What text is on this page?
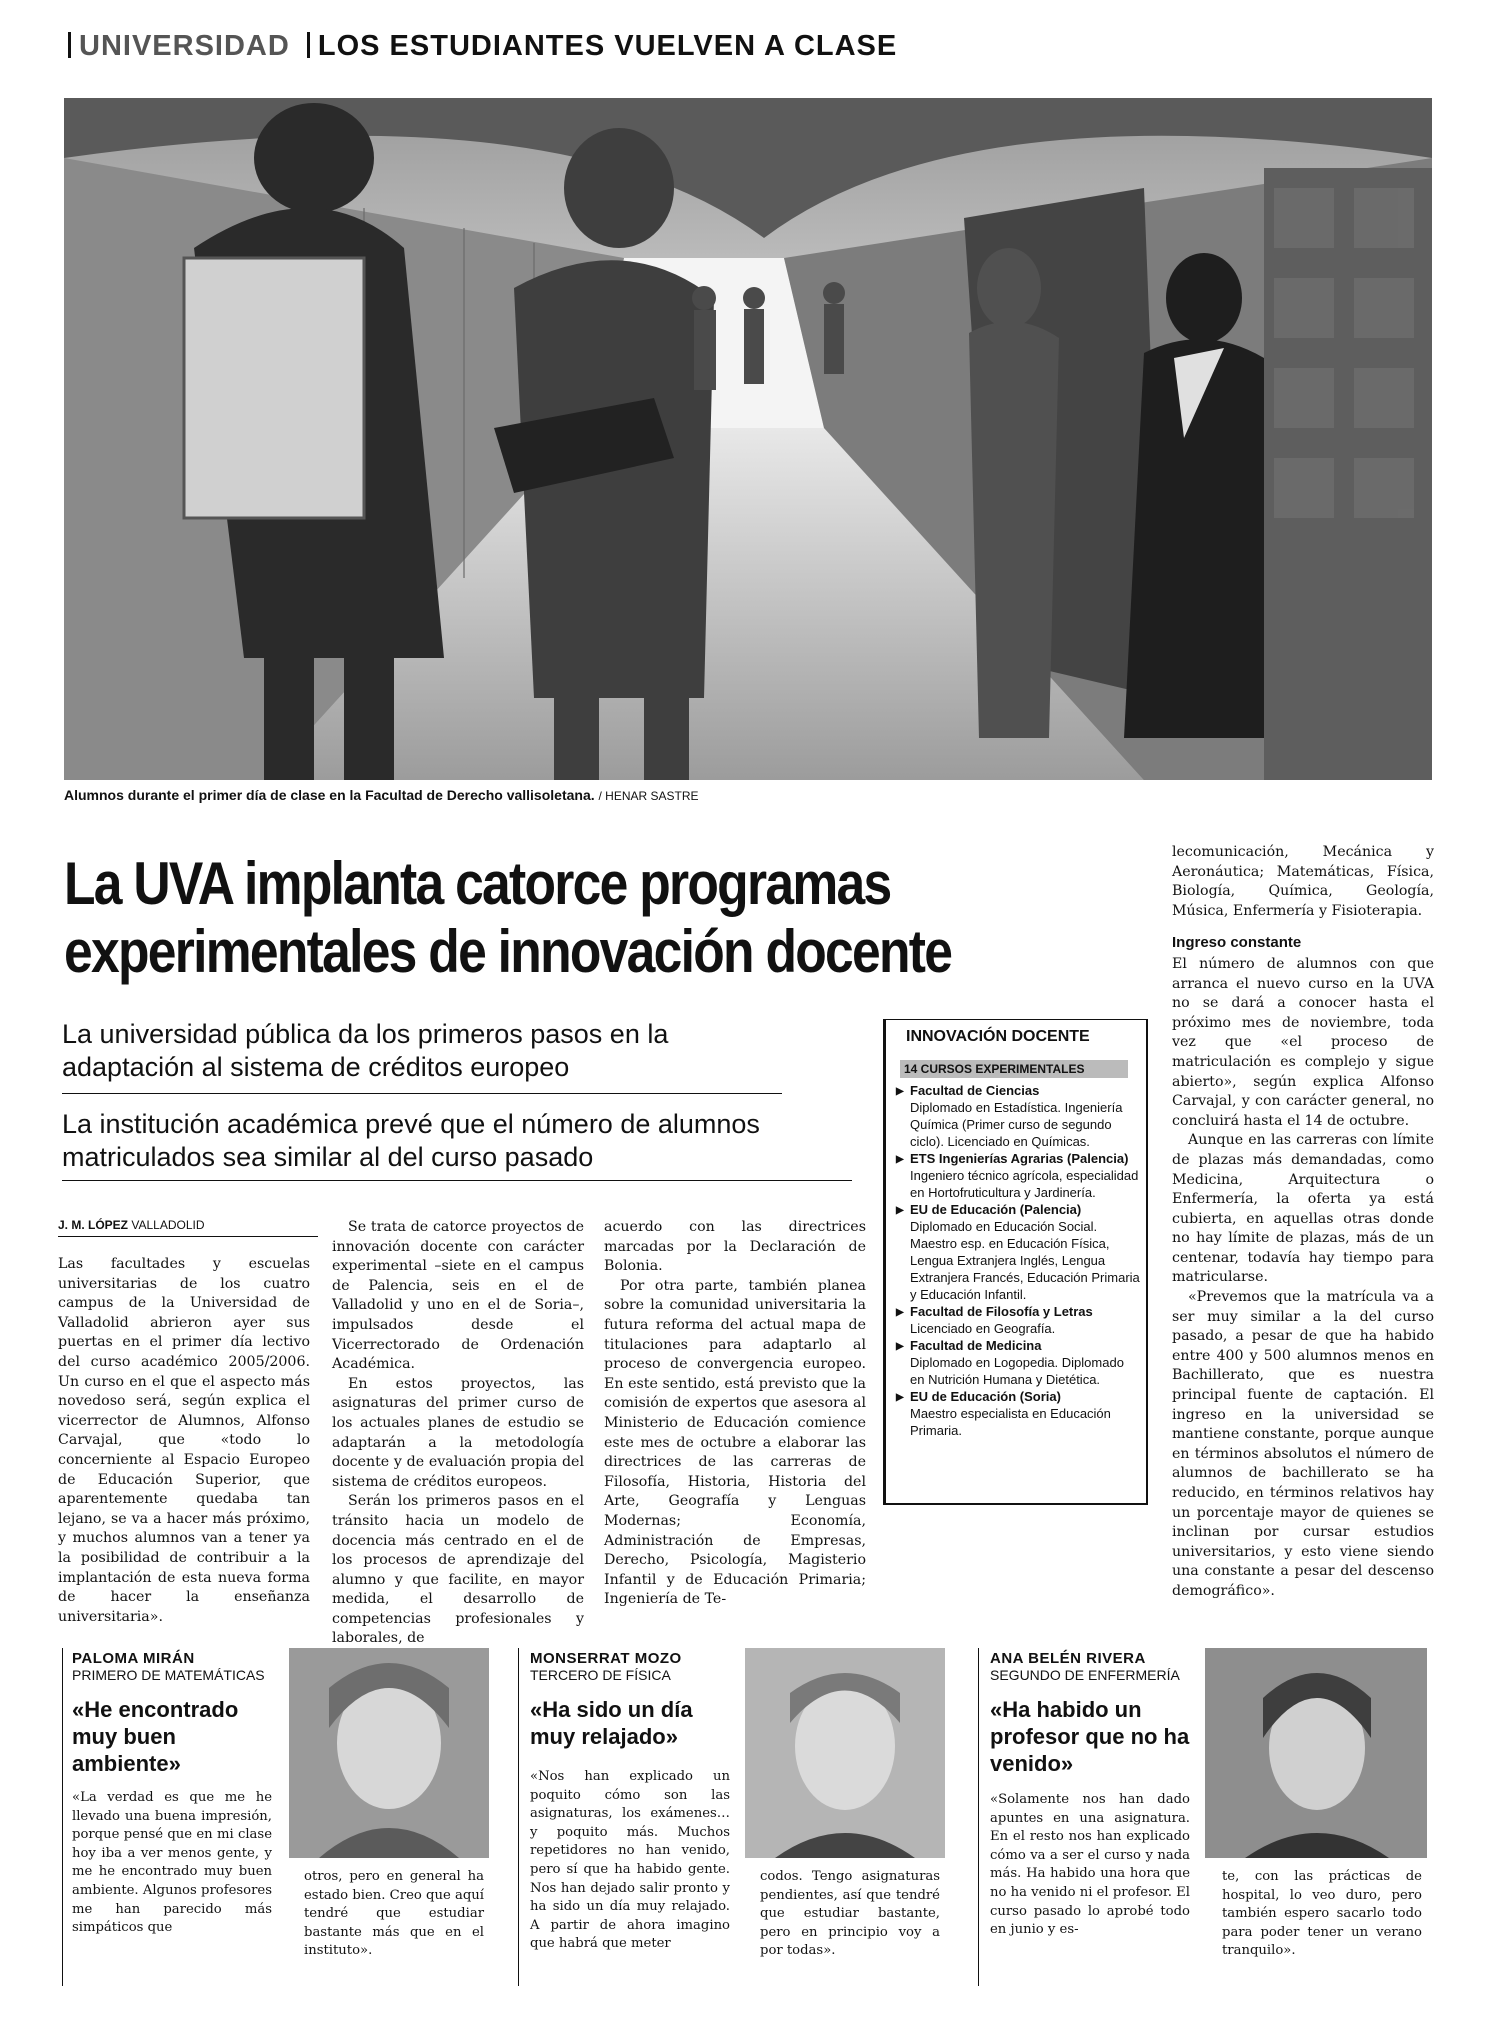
UNIVERSIDAD LOS ESTUDIANTES VUELVEN A CLASE
Alumnos durante el primer día de clase en la Facultad de Derecho vallisoletana. / HENAR SASTRE
La UVA implanta catorce programas
experimentales de innovación docente
La universidad pública da los primeros pasos en la adaptación al sistema de créditos europeo
La institución académica prevé que el número de alumnos matriculados sea similar al del curso pasado
J. M. LÓPEZ VALLADOLID

Las facultades y escuelas universitarias de los cuatro campus de la Universidad de Valladolid abrieron ayer sus puertas en el primer día lectivo del curso académico 2005/2006. Un curso en el que el aspecto más novedoso será, según explica el vicerrector de Alumnos, Alfonso Carvajal, que «todo lo concerniente al Espacio Europeo de Educación Superior, que aparentemente quedaba tan lejano, se va a hacer más próximo, y muchos alumnos van a tener ya la posibilidad de contribuir a la implantación de esta nueva forma de hacer la enseñanza universitaria».

Se trata de catorce proyectos de innovación docente con carácter experimental –siete en el campus de Palencia, seis en el de Valladolid y uno en el de Soria–, impulsados desde el Vicerrectorado de Ordenación Académica.

En estos proyectos, las asignaturas del primer curso de los actuales planes de estudio se adaptarán a la metodología docente y de evaluación propia del sistema de créditos europeos.

Serán los primeros pasos en el tránsito hacia un modelo de docencia más centrado en el de los procesos de aprendizaje del alumno y que facilite, en mayor medida, el desarrollo de competencias profesionales y laborales, de

acuerdo con las directrices marcadas por la Declaración de Bolonia.

Por otra parte, también planea sobre la comunidad universitaria la futura reforma del actual mapa de titulaciones para adaptarlo al proceso de convergencia europeo. En este sentido, está previsto que la comisión de expertos que asesora al Ministerio de Educación comience este mes de octubre a elaborar las directrices de las carreras de Filosofía, Historia, Historia del Arte, Geografía y Lenguas Modernas; Economía, Administración de Empresas, Derecho, Psicología, Magisterio Infantil y de Educación Primaria; Ingeniería de Te-

INNOVACIÓN DOCENTE
14 CURSOS EXPERIMENTALES
▶ Facultad de Ciencias
Diplomado en Estadística. Ingeniería Química (Primer curso de segundo ciclo). Licenciado en Químicas.
▶ ETS Ingenierías Agrarias (Palencia)
Ingeniero técnico agrícola, especialidad en Hortofruticultura y Jardinería.
▶ EU de Educación (Palencia)
Diplomado en Educación Social. Maestro esp. en Educación Física, Lengua Extranjera Inglés, Lengua Extranjera Francés, Educación Primaria y Educación Infantil.
▶ Facultad de Filosofía y Letras
Licenciado en Geografía.
▶ Facultad de Medicina
Diplomado en Logopedia. Diplomado en Nutrición Humana y Dietética.
▶ EU de Educación (Soria)
Maestro especialista en Educación Primaria.

lecomunicación, Mecánica y Aeronáutica; Matemáticas, Física, Biología, Química, Geología, Música, Enfermería y Fisioterapia.

Ingreso constante

El número de alumnos con que arranca el nuevo curso en la UVA no se dará a conocer hasta el próximo mes de noviembre, toda vez que «el proceso de matriculación es complejo y sigue abierto», según explica Alfonso Carvajal, y con carácter general, no concluirá hasta el 14 de octubre.

Aunque en las carreras con límite de plazas más demandadas, como Medicina, Arquitectura o Enfermería, la oferta ya está cubierta, en aquellas otras donde no hay límite de plazas, más de un centenar, todavía hay tiempo para matricularse.

«Prevemos que la matrícula va a ser muy similar a la del curso pasado, a pesar de que ha habido entre 400 y 500 alumnos menos en Bachillerato, que es nuestra principal fuente de captación. El ingreso en la universidad se mantiene constante, porque aunque en términos absolutos el número de alumnos de bachillerato se ha reducido, en términos relativos hay un porcentaje mayor de quienes se inclinan por cursar estudios universitarios, y esto viene siendo una constante a pesar del descenso demográfico».

PALOMA MIRÁN
PRIMERO DE MATEMÁTICAS
«He encontrado muy buen ambiente»
«La verdad es que me he llevado una buena impresión, porque pensé que en mi clase hoy iba a ver menos gente, y me he encontrado muy buen ambiente. Algunos profesores me han parecido más simpáticos que
otros, pero en general ha estado bien. Creo que aquí tendré que estudiar bastante más que en el instituto».
MONSERRAT MOZO
TERCERO DE FÍSICA
«Ha sido un día muy relajado»
«Nos han explicado un poquito cómo son las asignaturas, los exámenes… y poquito más. Muchos repetidores no han venido, pero sí que ha habido gente. Nos han dejado salir pronto y ha sido un día muy relajado. A partir de ahora imagino que habrá que meter
codos. Tengo asignaturas pendientes, así que tendré que estudiar bastante, pero en principio voy a por todas».
ANA BELÉN RIVERA
SEGUNDO DE ENFERMERÍA
«Ha habido un profesor que no ha venido»
«Solamente nos han dado apuntes en una asignatura. En el resto nos han explicado cómo va a ser el curso y nada más. Ha habido una hora que no ha venido ni el profesor. El curso pasado lo aprobé todo en junio y es-
te, con las prácticas de hospital, lo veo duro, pero también espero sacarlo todo para poder tener un verano tranquilo».
